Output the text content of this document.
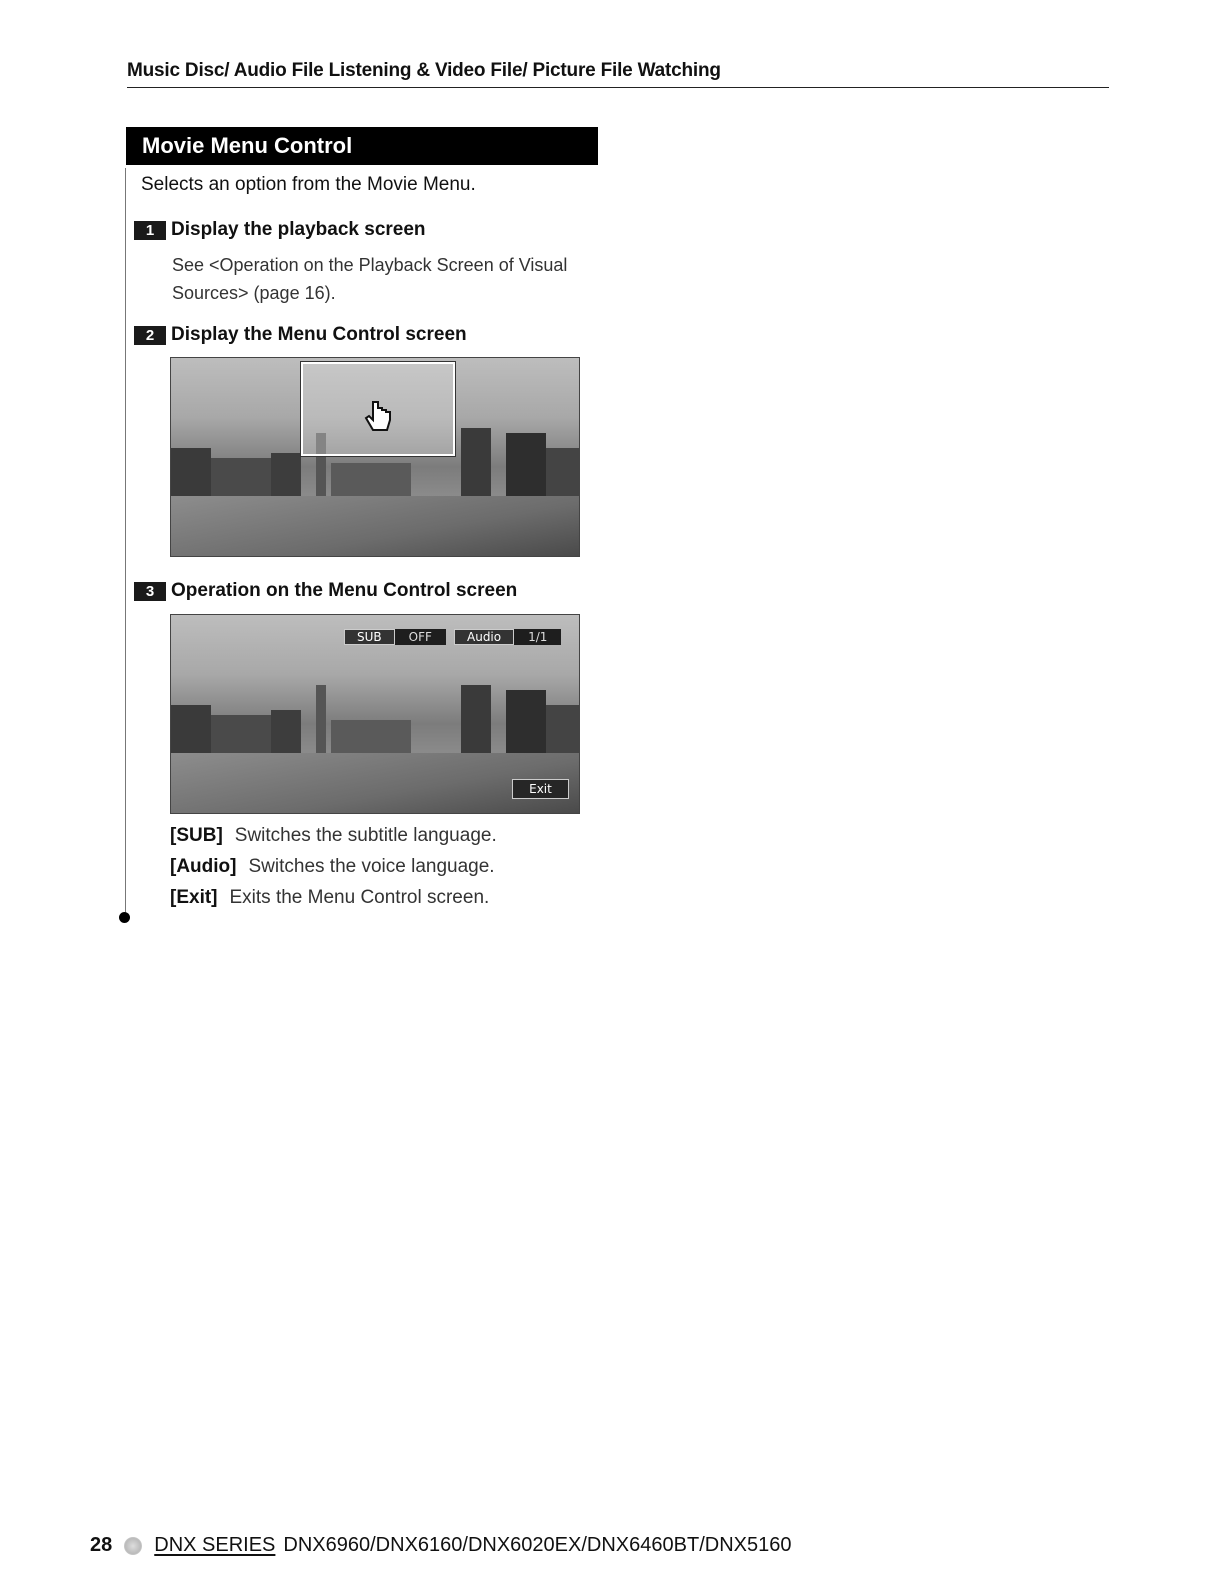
Music Disc/ Audio File Listening & Video File/ Picture File Watching
Movie Menu Control
Selects an option from the Movie Menu.
1 Display the playback screen
See <Operation on the Playback Screen of Visual Sources> (page 16).
2 Display the Menu Control screen
3 Operation on the Menu Control screen
SUB	OFF	Audio	1/1
Exit
[SUB] Switches the subtitle language.
[Audio] Switches the voice language.
[Exit] Exits the Menu Control screen.
28 DNX SERIES DNX6960/DNX6160/DNX6020EX/DNX6460BT/DNX5160
